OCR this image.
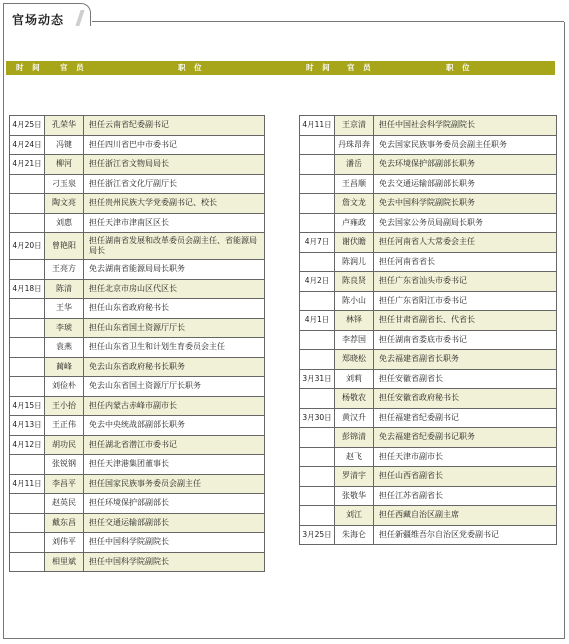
官场动态
时 间 官 员	职 位	时 间 官 员	职 位
4月25日	孔荣华	担任云南省纪委副书记
4月24日	冯键	担任四川省巴中市委书记
4月21日	柳河	担任浙江省文物局局长
	刁玉泉	担任浙江省文化厅副厅长
	陶文亮	担任贵州民族大学党委副书记、校长
	刘惠	担任天津市津南区区长
4月20日	曾艳阳	担任湖南省发展和改革委员会副主任、省能源局局长
	王亮方	免去湖南省能源局局长职务
4月18日	陈清	担任北京市房山区代区长
	王华	担任山东省政府秘书长
	李琥	担任山东省国土资源厅厅长
	袁燕	担任山东省卫生和计划生育委员会主任
	蔺峰	免去山东省政府秘书长职务
	刘俭朴	免去山东省国土资源厅厅长职务
4月15日	王小抬	担任内蒙古赤峰市副市长
4月13日	王正伟	免去中央统战部副部长职务
4月12日	胡功民	担任湖北省潜江市委书记
	张锐钢	担任天津港集团董事长
4月11日	李昌平	担任国家民族事务委员会副主任
	赵英民	担任环境保护部副部长
	戴东昌	担任交通运输部副部长
	刘伟平	担任中国科学院副院长
	相里斌	担任中国科学院副院长
4月11日	王京清	担任中国社会科学院副院长
	丹珠昂奔	免去国家民族事务委员会副主任职务
	潘岳	免去环境保护部副部长职务
	王昌顺	免去交通运输部副部长职务
	詹文龙	免去中国科学院副院长职务
	卢雍政	免去国家公务员局副局长职务
4月7日	谢伏瞻	担任河南省人大常委会主任
	陈润儿	担任河南省省长
4月2日	陈良贤	担任广东省汕头市委书记
	陈小山	担任广东省阳江市委书记
4月1日	林铎	担任甘肃省副省长、代省长
	李荐国	担任湖南省娄底市委书记
	郑晓松	免去福建省副省长职务
3月31日	刘莉	担任安徽省副省长
	杨敬农	担任安徽省政府秘书长
3月30日	黄汉升	担任福建省纪委副书记
	彭锦清	免去福建省纪委副书记职务
	赵飞	担任天津市副市长
	罗清宇	担任山西省副省长
	张敬华	担任江苏省副省长
	刘江	担任西藏自治区副主席
3月25日	朱海仑	担任新疆维吾尔自治区党委副书记
